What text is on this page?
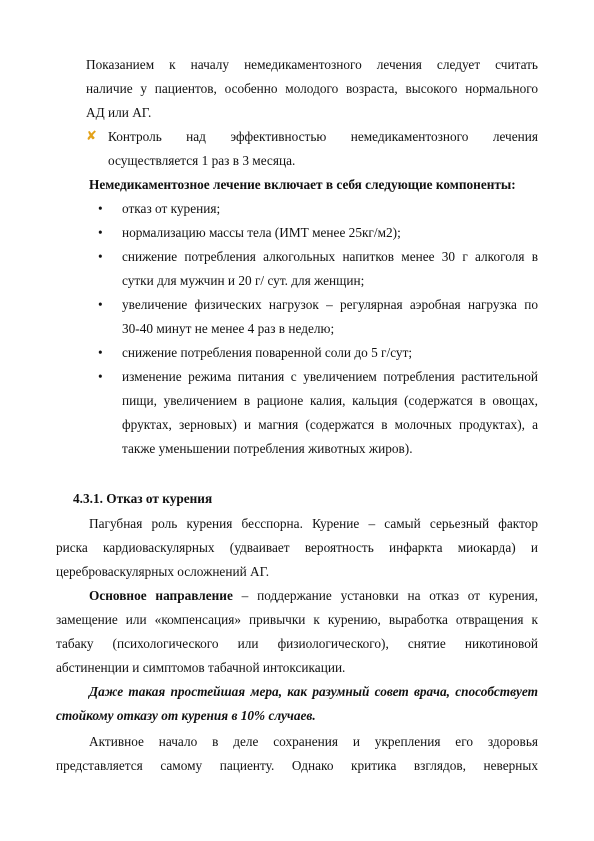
Показанием к началу немедикаментозного лечения следует считать
наличие у пациентов, особенно молодого возраста, высокого нормального
АД или АГ.
✘ Контроль над эффективностью немедикаментозного лечения
осуществляется 1 раз в 3 месяца.
Немедикаментозное лечение включает в себя следующие компоненты:
• отказ от курения;
• нормализацию массы тела (ИМТ менее 25кг/м2);
• снижение потребления алкогольных напитков менее 30 г алкоголя в
сутки для мужчин и 20 г/ сут. для женщин;
• увеличение физических нагрузок – регулярная аэробная нагрузка по
30-40 минут не менее 4 раз в неделю;
• снижение потребления поваренной соли до 5 г/сут;
• изменение режима питания с увеличением потребления растительной
пищи, увеличением в рационе калия, кальция (содержатся в овощах,
фруктах, зерновых) и магния (содержатся в молочных продуктах), а
также уменьшении потребления животных жиров).
4.3.1. Отказ от курения
Пагубная роль курения бесспорна. Курение – самый серьезный фактор
риска кардиоваскулярных (удваивает вероятность инфаркта миокарда) и
цереброваскулярных осложнений АГ.
Основное направление – поддержание установки на отказ от курения,
замещение или «компенсация» привычки к курению, выработка отвращения к
табаку (психологического или физиологического), снятие никотиновой
абстиненции и симптомов табачной интоксикации.
Даже такая простейшая мера, как разумный совет врача, способствует
стойкому отказу от курения в 10% случаев.
Активное начало в деле сохранения и укрепления его здоровья
представляется самому пациенту. Однако критика взглядов, неверных
